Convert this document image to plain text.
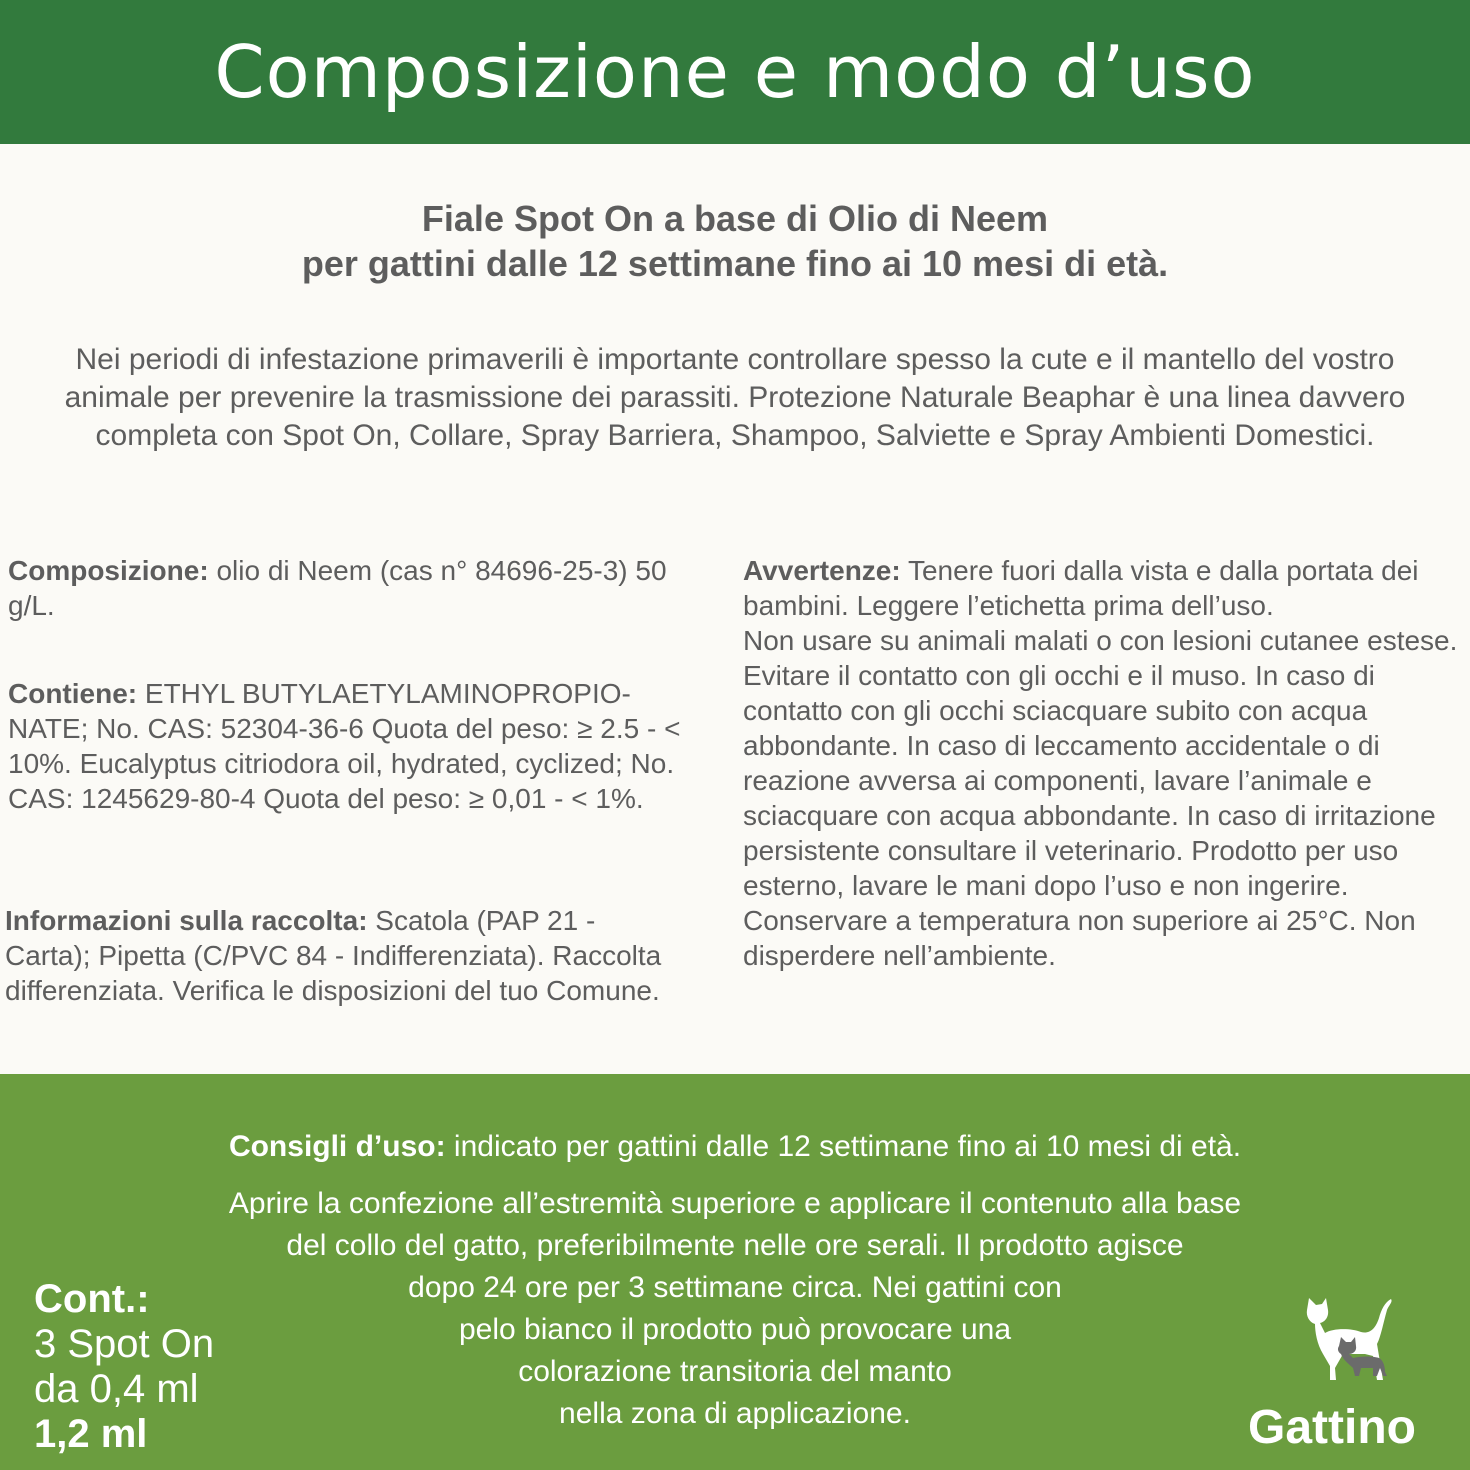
Composizione e modo d’uso
Fiale Spot On a base di Olio di Neem
per gattini dalle 12 settimane fino ai 10 mesi di età.
Nei periodi di infestazione primaverili è importante controllare spesso la cute e il mantello del vostro animale per prevenire la trasmissione dei parassiti. Protezione Naturale Beaphar è una linea davvero completa con Spot On, Collare, Spray Barriera, Shampoo, Salviette e Spray Ambienti Domestici.

Composizione: olio di Neem (cas n° 84696-25-3) 50 g/L.

Contiene: ETHYL BUTYLAETYLAMINOPROPIO-NATE; No. CAS: 52304-36-6 Quota del peso: ≥ 2.5 - < 10%. Eucalyptus citriodora oil, hydrated, cyclized; No. CAS: 1245629-80-4 Quota del peso: ≥ 0,01 - < 1%.

Informazioni sulla raccolta: Scatola (PAP 21 - Carta); Pipetta (C/PVC 84 - Indifferenziata). Raccolta differenziata. Verifica le disposizioni del tuo Comune.

Avvertenze: Tenere fuori dalla vista e dalla portata dei bambini. Leggere l’etichetta prima dell’uso.

Non usare su animali malati o con lesioni cutanee estese. Evitare il contatto con gli occhi e il muso. In caso di contatto con gli occhi sciacquare subito con acqua abbondante. In caso di leccamento accidentale o di reazione avversa ai componenti, lavare l’animale e sciacquare con acqua abbondante. In caso di irritazione persistente consultare il veterinario. Prodotto per uso esterno, lavare le mani dopo l’uso e non ingerire. Conservare a temperatura non superiore ai 25°C. Non disperdere nell’ambiente.

Consigli d’uso: indicato per gattini dalle 12 settimane fino ai 10 mesi di età.
Aprire la confezione all’estremità superiore e applicare il contenuto alla base
del collo del gatto, preferibilmente nelle ore serali. Il prodotto agisce
dopo 24 ore per 3 settimane circa. Nei gattini con
pelo bianco il prodotto può provocare una
colorazione transitoria del manto
nella zona di applicazione.
Cont.:
3 Spot On
da 0,4 ml
1,2 ml	Gattino
